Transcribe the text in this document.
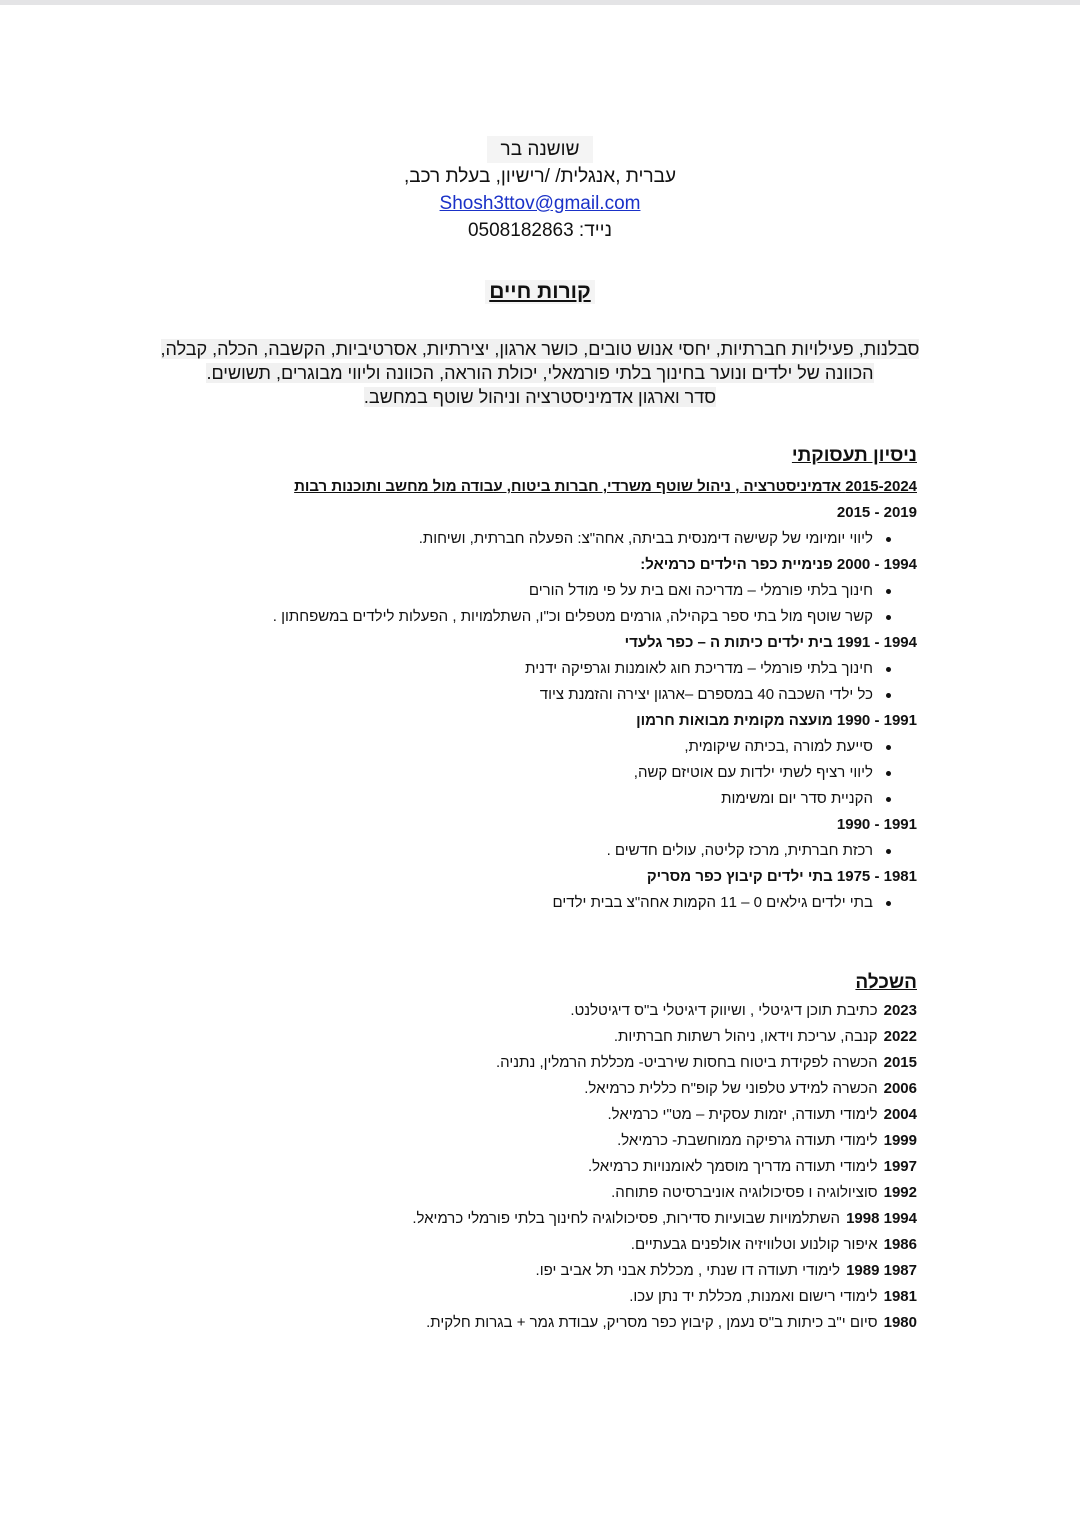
שושנה בר
עברית ,אנגלית/ /רישיון, בעלת רכב,
Shosh3ttov@gmail.com
נייד: 0508182863
קורות חיים
סבלנות, פעילויות חברתיות, יחסי אנוש טובים, כושר ארגון, יצירתיות, אסרטיביות, הקשבה, הכלה, קבלה,
הכוונה של ילדים ונוער בחינוך בלתי פורמאלי, יכולת הוראה, הכוונה וליווי מבוגרים, תשושים.
סדר וארגון אדמיניסטרציה וניהול שוטף במחשב.
ניסיון תעסוקתי
2015-2024 אדמיניסטרציה , ניהול שוטף משרדי, חברות ביטוח, עבודה מול מחשב ותוכנות רבות
2019 - 2015
ליווי יומיומי של קשישה דימנסית בביתה, אחה"צ: הפעלה חברתית, ושיחות.
1994 - 2000 פנימיית כפר הילדים כרמיאל:
חינוך בלתי פורמלי – מדריכה ואם בית על פי מודל הורים
קשר שוטף מול בתי ספר בקהילה, גורמים מטפלים וכ"ו, השתלמויות , הפעלות לילדים במשפחתון .
1994 - 1991 בית ילדים כיתות ה – כפר גלעדי
חינוך בלתי פורמלי – מדריכת חוג לאומנות וגרפיקה ידנית
כל ילדי השכבה 40 במספרם –ארגון יצירה והזמנת ציוד
1991 - 1990 מועצה מקומית מבואות חרמון
סייעת למורה ,בכיתה שיקומית,
ליווי רציף לשתי ילדות עם אוטיזם קשה,
הקניית סדר יום ומשימות
1991 - 1990
רכזת חברתית, מרכז קליטה, עולים חדשים .
1981 - 1975 בתי ילדים קיבוץ כפר מסריק
בתי ילדים גילאים 0 – 11 הקמות אחה"צ בבית ילדים
השכלה
2023כתיבת תוכן דיגיטלי , ושיווק דיגיטלי ב"ס דיגיטלנט.
2022קנבה, עריכת וידאו, ניהול רשתות חברתיות.
2015הכשרה לפקידת ביטוח בחסות שירביט- מכללת הרמלין, נתניה.
2006הכשרה למידע טלפוני של קופ"ח כללית כרמיאל.
2004לימודי תעודה, יזמות עסקית – מט"י כרמיאל.
1999לימודי תעודה גרפיקה ממוחשבת- כרמיאל.
1997לימודי תעודה מדריך מוסמך לאומנויות כרמיאל.
1992סוציולוגיה ו פסיכולוגיה אוניברסיטה פתוחה.
1994 1998השתלמויות שבועיות סדירות, פסיכולוגיה לחינוך בלתי פורמלי כרמיאל.
1986איפור קולנוע וטלוויזיה אולפנים גבעתיים.
1987 1989לימודי תעודה דו שנתי , מכללת אבני תל אביב יפו.
1981לימודי רישום ואמנות, מכללת יד נתן עכו.
1980סיום י"ב כיתות ב"ס נעמן , קיבוץ כפר מסריק, עבודת גמר + בגרות חלקית.
